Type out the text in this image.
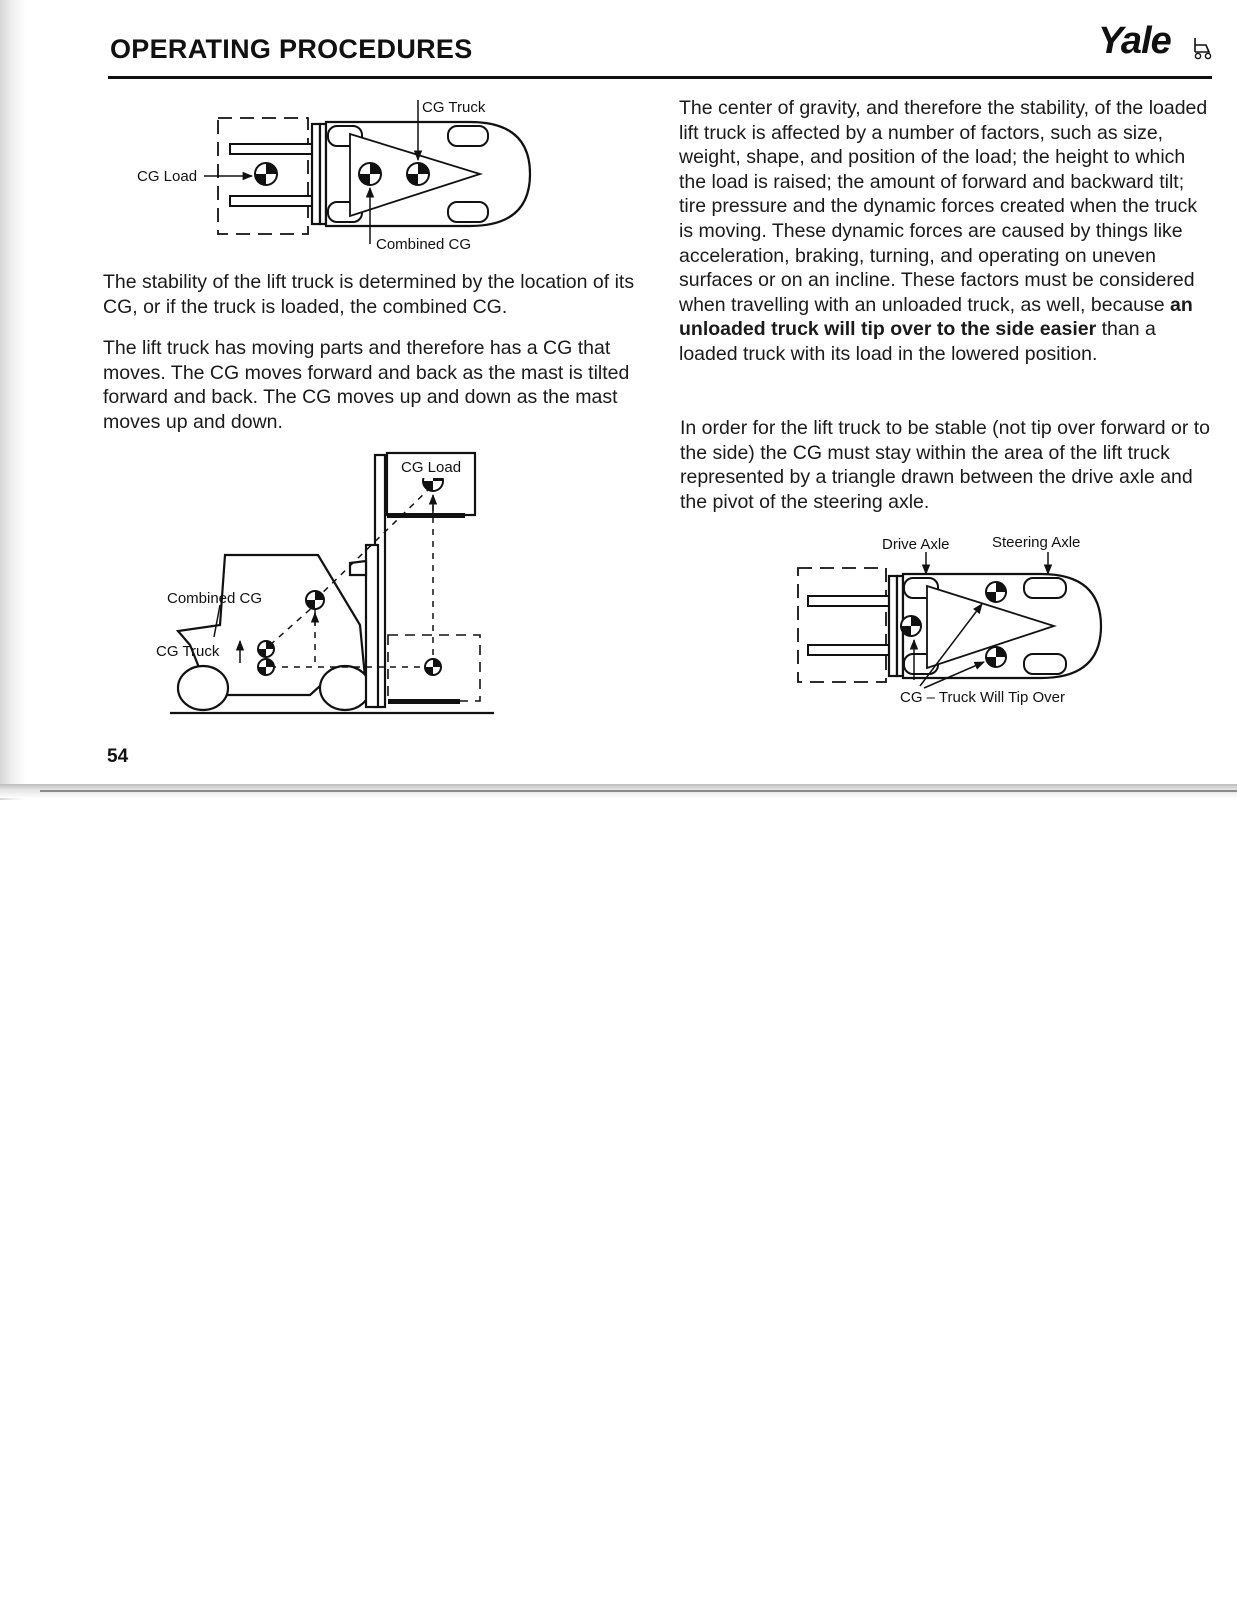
OPERATING PROCEDURES	Yale
CG Truck
CG Load
Combined CG

The stability of the lift truck is determined by the location of its CG, or if the truck is loaded, the combined CG.

The lift truck has moving parts and therefore has a CG that moves. The CG moves forward and back as the mast is tilted forward and back. The CG moves up and down as the mast moves up and down.

CG Load
Combined CG
CG Truck
54

The center of gravity, and therefore the stability, of the loaded lift truck is affected by a number of factors, such as size, weight, shape, and position of the load; the height to which the load is raised; the amount of forward and backward tilt; tire pressure and the dynamic forces created when the truck is moving. These dynamic forces are caused by things like acceleration, braking, turning, and operating on uneven surfaces or on an incline. These factors must be considered when travelling with an unloaded truck, as well, because an unloaded truck will tip over to the side easier than a loaded truck with its load in the lowered position.

In order for the lift truck to be stable (not tip over forward or to the side) the CG must stay within the area of the lift truck represented by a triangle drawn between the drive axle and the pivot of the steering axle.

Drive Axle	Steering Axle
CG – Truck Will Tip Over
